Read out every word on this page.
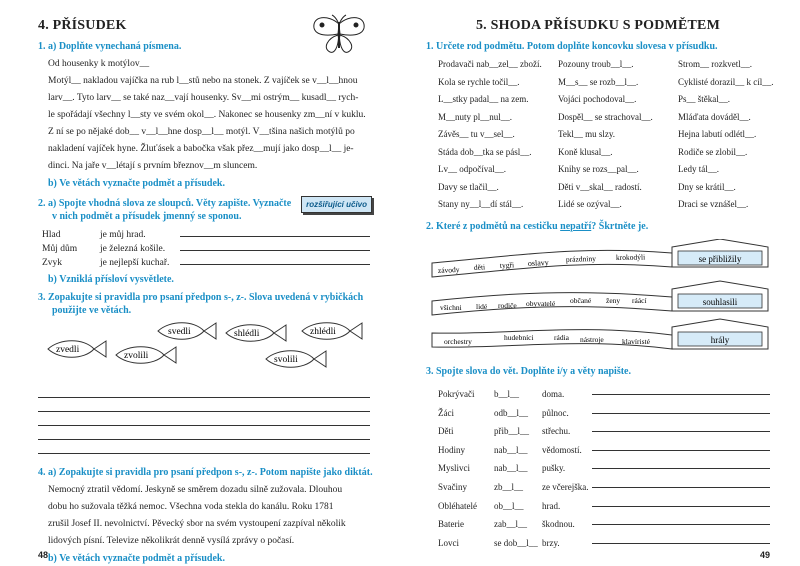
4. PŘÍSUDEK
1. a) Doplňte vynechaná písmena.
Od housenky k motýlov__
Motýl__ nakladou vajíčka na rub l__stů nebo na stonek. Z vajíček se v__l__hnou
larv__. Tyto larv__ se také naz__vají housenky. Sv__mi ostrým__ kusadl__ rych-
le spořádají všechny l__sty ve svém okol__. Nakonec se housenky zm__ní v kuklu.
Z ní se po nějaké dob__ v__l__hne dosp__l__ motýl. V__tšina našich motýlů po
nakladení vajíček hyne. Žluťásek a babočka však přez__mují jako dosp__l__ je-
dinci. Na jaře v__létají s prvním březnov__m sluncem.
b) Ve větách vyznačte podmět a přísudek.
2. a) Spojte vhodná slova ze sloupců. Věty zapište. Vyznačte
v nich podmět a přísudek jmenný se sponou.
rozšiřující učivo
Hlad	je můj hrad.
Můj dům	je železná košile.
Zvyk	je nejlepší kuchař.
b) Vzniklá přísloví vysvětlete.
3. Zopakujte si pravidla pro psaní předpon s-, z-. Slova uvedená v rybičkách
použijte ve větách.
svedli	shlédli	zhlédli
zvedli
zvolili	svolili
4. a) Zopakujte si pravidla pro psaní předpon s-, z-. Potom napište jako diktát.
Nemocný ztratil vědomí. Jeskyně se směrem dozadu silně zužovala. Dlouhou
dobu ho sužovala těžká nemoc. Všechna voda stekla do kanálu. Roku 1781
zrušil Josef II. nevolnictví. Pěvecký sbor na svém vystoupení zazpíval několik
lidových písní. Televize několikrát denně vysílá zprávy o počasí.
b) Ve větách vyznačte podmět a přísudek.
48
5. SHODA PŘÍSUDKU S PODMĚTEM
1. Určete rod podmětu. Potom doplňte koncovku slovesa v přísudku.
Prodavači nab__zel__ zboží.	Pozouny troub__l__.	Strom__ rozkvetl__.
Kola se rychle točil__.	M__s__ se rozb__l__.	Cyklisté dorazil__ k cíl__.
L__stky padal__ na zem.	Vojáci pochodoval__.	Ps__ štěkal__.
M__nuty pl__nul__.	Dospěl__ se strachoval__.	Mláďata dováděl__.
Závěs__ tu v__sel__.	Tekl__ mu slzy.	Hejna labutí odlétl__.
Stáda dob__tka se pásl__.	Koně klusal__.	Rodiče se zlobil__.
Lv__ odpočíval__.	Knihy se rozs__pal__.	Ledy tál__.
Davy se tlačil__.	Děti v__skal__ radostí.	Dny se krátil__.
Stany ny__l__dí stál__.	Lidé se ozýval__.	Draci se vznášel__.
2. Které z podmětů na cestičku nepatří? Škrtněte je.
se přibližily
souhlasili
hrály
závody děti tygři oslavy prázdniny	krokodýli
všichni lidé rodiče obyvatelé občané ženy ráácí
orchestry	hudebníci	rádia nástroje klavíristé
3. Spojte slova do vět. Doplňte i/y a věty napište.
Pokrývači	b__l__	doma.
Žáci	odb__l__	půlnoc.
Děti	přib__l__	střechu.
Hodiny	nab__l__	vědomostí.
Myslivci	nab__l__	pušky.
Svačiny	zb__l__	ze včerejška.
Obléhatelé	ob__l__	hrad.
Baterie	zab__l__	škodnou.
Lovci	se dob__l__ brzy.
49
